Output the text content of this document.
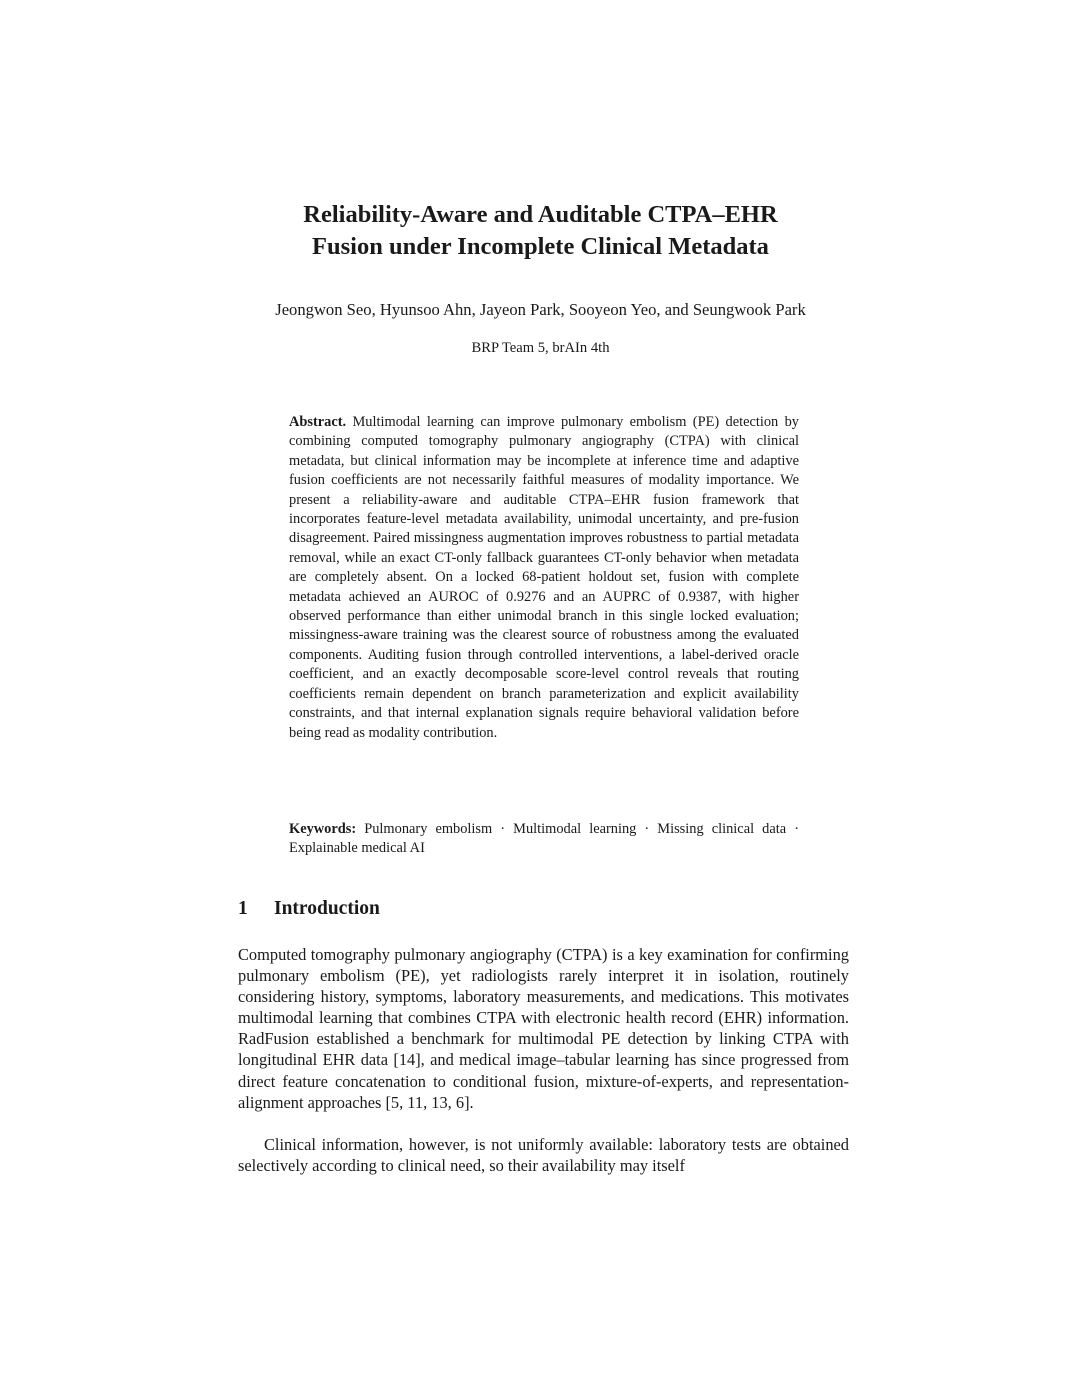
Reliability-Aware and Auditable CTPA–EHR
Fusion under Incomplete Clinical Metadata

Jeongwon Seo, Hyunsoo Ahn, Jayeon Park, Sooyeon Yeo, and Seungwook Park

BRP Team 5, brAIn 4th

Abstract. Multimodal learning can improve pulmonary embolism (PE) detection by combining computed tomography pulmonary angiography (CTPA) with clinical metadata, but clinical information may be incomplete at inference time and adaptive fusion coefficients are not necessarily faithful measures of modality importance. We present a reliability-aware and auditable CTPA–EHR fusion framework that incorporates feature-level metadata availability, unimodal uncertainty, and pre-fusion disagreement. Paired missingness augmentation improves robustness to partial metadata removal, while an exact CT-only fallback guarantees CT-only behavior when metadata are completely absent. On a locked 68-patient holdout set, fusion with complete metadata achieved an AUROC of 0.9276 and an AUPRC of 0.9387, with higher observed performance than either unimodal branch in this single locked evaluation; missingness-aware training was the clearest source of robustness among the evaluated components. Auditing fusion through controlled interventions, a label-derived oracle coefficient, and an exactly decomposable score-level control reveals that routing coefficients remain dependent on branch parameterization and explicit availability constraints, and that internal explanation signals require behavioral validation before being read as modality contribution.

Keywords: Pulmonary embolism · Multimodal learning · Missing clinical data · Explainable medical AI

1 Introduction

Computed tomography pulmonary angiography (CTPA) is a key examination for confirming pulmonary embolism (PE), yet radiologists rarely interpret it in isolation, routinely considering history, symptoms, laboratory measurements, and medications. This motivates multimodal learning that combines CTPA with electronic health record (EHR) information. RadFusion established a benchmark for multimodal PE detection by linking CTPA with longitudinal EHR data [14], and medical image–tabular learning has since progressed from direct feature concatenation to conditional fusion, mixture-of-experts, and representation-alignment approaches [5, 11, 13, 6].

Clinical information, however, is not uniformly available: laboratory tests are obtained selectively according to clinical need, so their availability may itself
